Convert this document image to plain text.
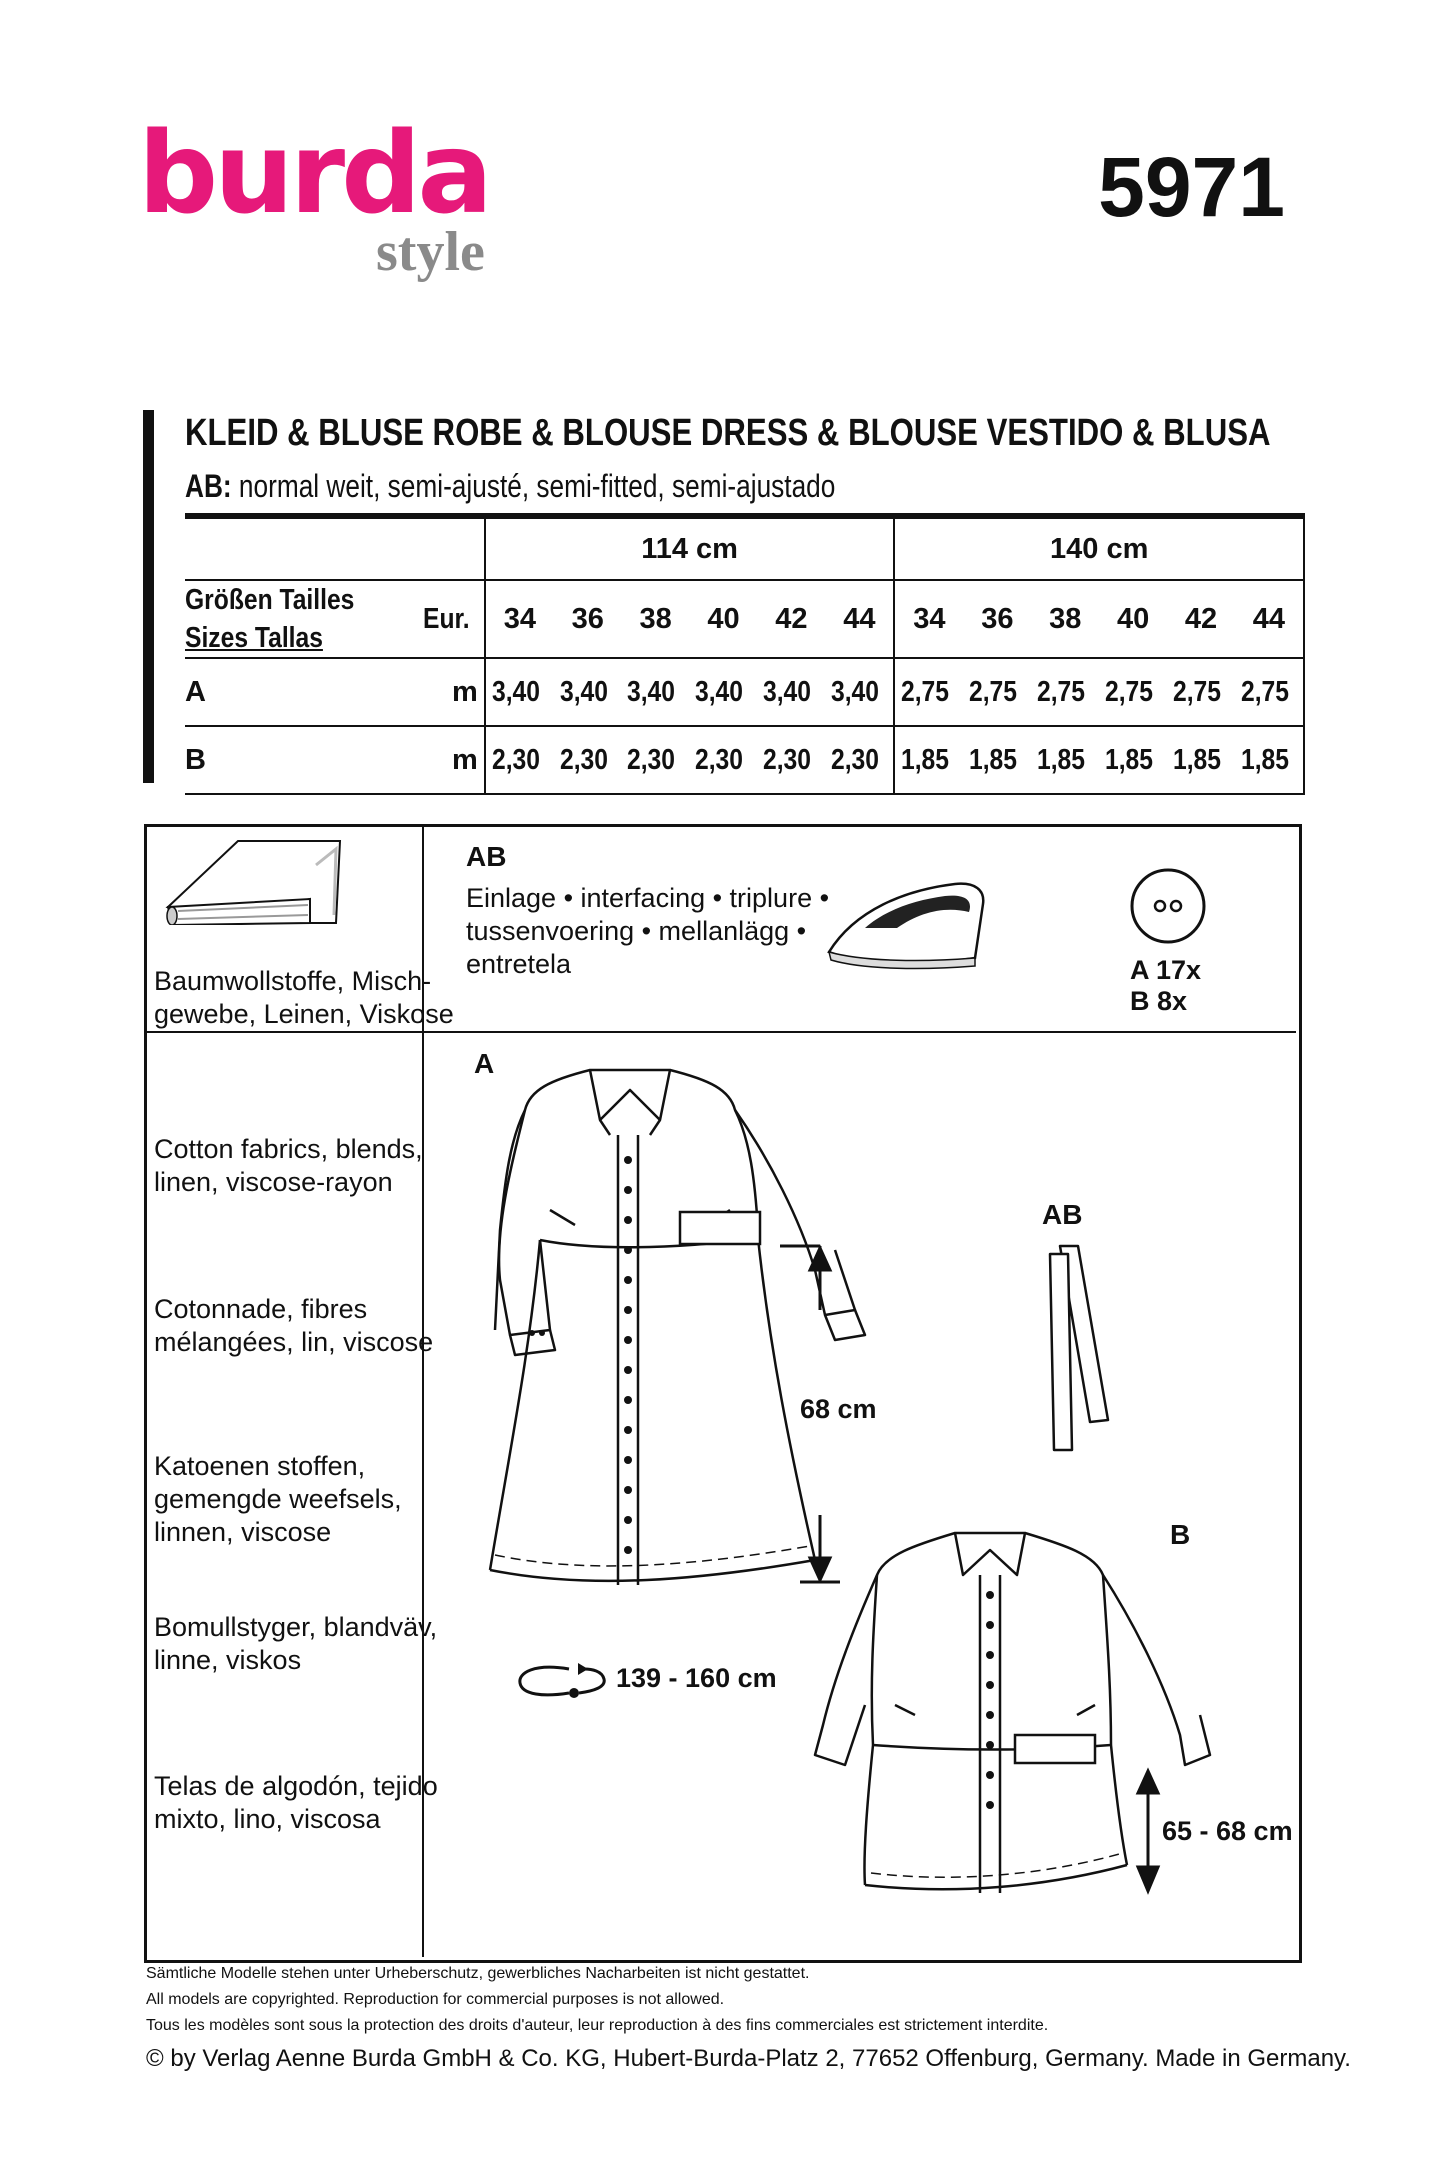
burda
style
5971
KLEID & BLUSE ROBE & BLOUSE DRESS & BLOUSE VESTIDO & BLUSA
AB: normal weit, semi-ajusté, semi-fitted, semi-ajustado
		114 cm						140 cm					
Größen Tailles
Sizes Tallas	Eur.	34	36	38	40	42	44	34	36	38	40	42	44
A	m	3,40	3,40	3,40	3,40	3,40	3,40	2,75	2,75	2,75	2,75	2,75	2,75
B	m	2,30	2,30	2,30	2,30	2,30	2,30	1,85	1,85	1,85	1,85	1,85	1,85
Baumwollstoffe, Misch-
gewebe, Leinen, Viskose
Cotton fabrics, blends,
linen, viscose-rayon
Cotonnade, fibres
mélangées, lin, viscose
Katoenen stoffen,
gemengde weefsels,
linnen, viscose
Bomullstyger, blandväv,
linne, viskos
Telas de algodón, tejido
mixto, lino, viscosa
AB
Einlage • interfacing • triplure •
tussenvoering • mellanlägg •
entretela	A 17x
B 8x
A
AB
B
68 cm
139 - 160 cm
65 - 68 cm
Sämtliche Modelle stehen unter Urheberschutz, gewerbliches Nacharbeiten ist nicht gestattet.
All models are copyrighted. Reproduction for commercial purposes is not allowed.
Tous les modèles sont sous la protection des droits d'auteur, leur reproduction à des fins commerciales est strictement interdite.
© by Verlag Aenne Burda GmbH & Co. KG, Hubert-Burda-Platz 2, 77652 Offenburg, Germany. Made in Germany.
